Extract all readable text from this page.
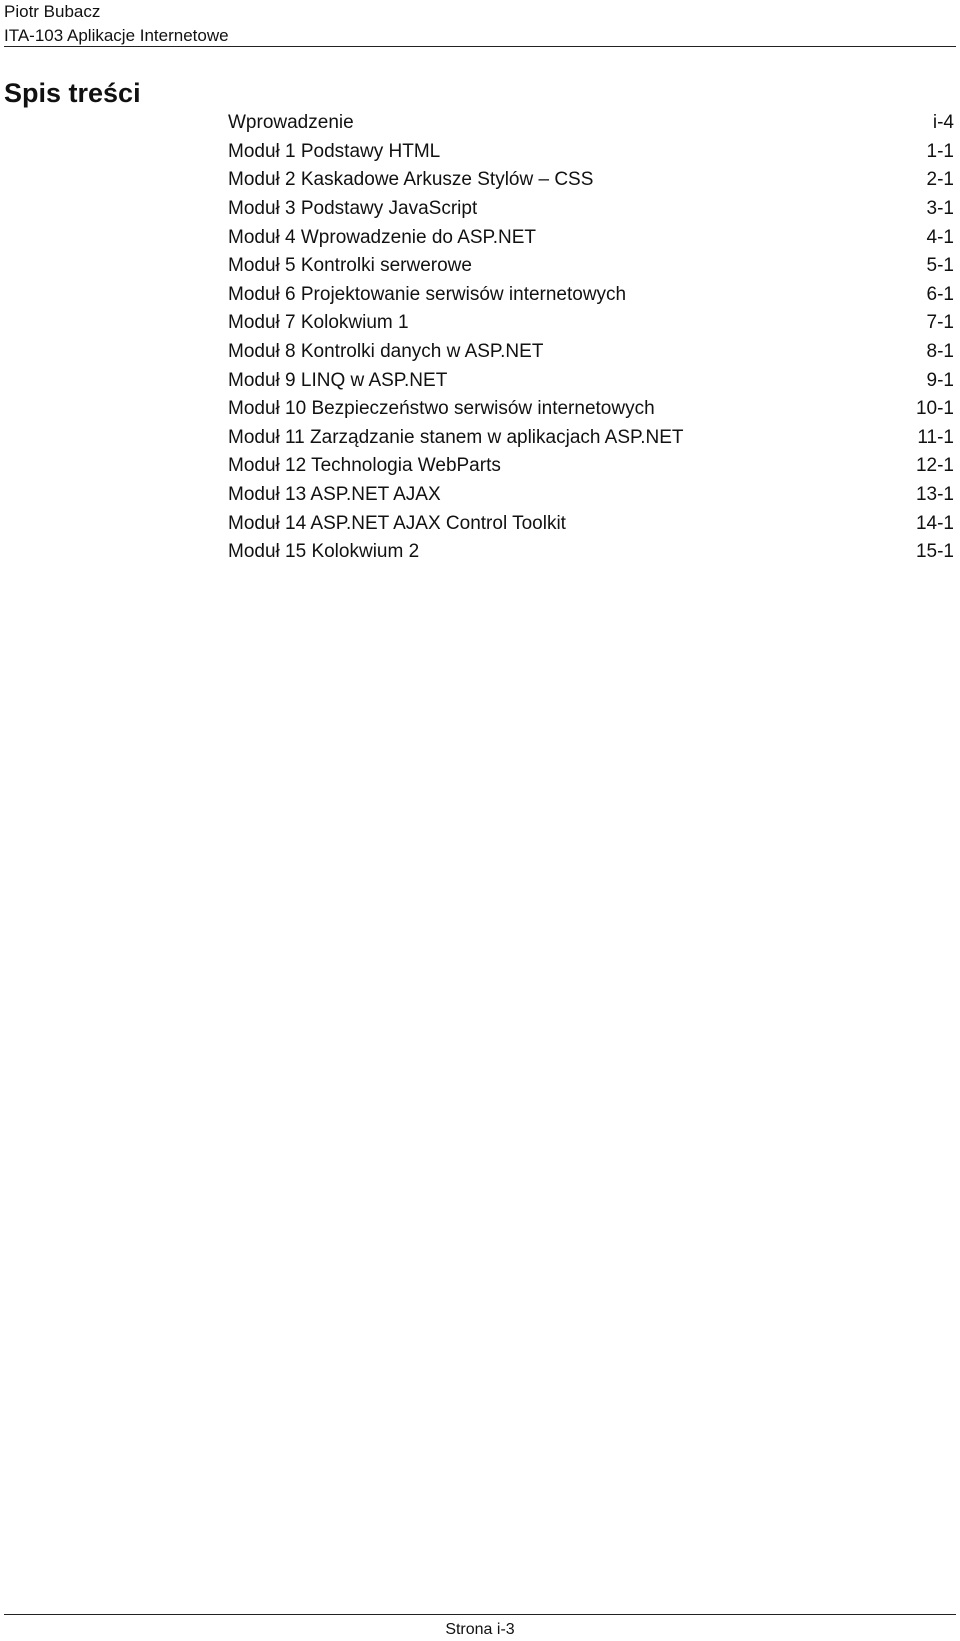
Piotr Bubacz
ITA-103 Aplikacje Internetowe
Spis treści
Wprowadzenie	i-4
Moduł 1 Podstawy HTML	1-1
Moduł 2 Kaskadowe Arkusze Stylów – CSS	2-1
Moduł 3 Podstawy JavaScript	3-1
Moduł 4 Wprowadzenie do ASP.NET	4-1
Moduł 5 Kontrolki serwerowe	5-1
Moduł 6 Projektowanie serwisów internetowych	6-1
Moduł 7 Kolokwium 1	7-1
Moduł 8 Kontrolki danych w ASP.NET	8-1
Moduł 9 LINQ w ASP.NET	9-1
Moduł 10 Bezpieczeństwo serwisów internetowych	10-1
Moduł 11 Zarządzanie stanem w aplikacjach ASP.NET	11-1
Moduł 12 Technologia WebParts	12-1
Moduł 13 ASP.NET AJAX	13-1
Moduł 14 ASP.NET AJAX Control Toolkit	14-1
Moduł 15 Kolokwium 2	15-1
Strona i-3
